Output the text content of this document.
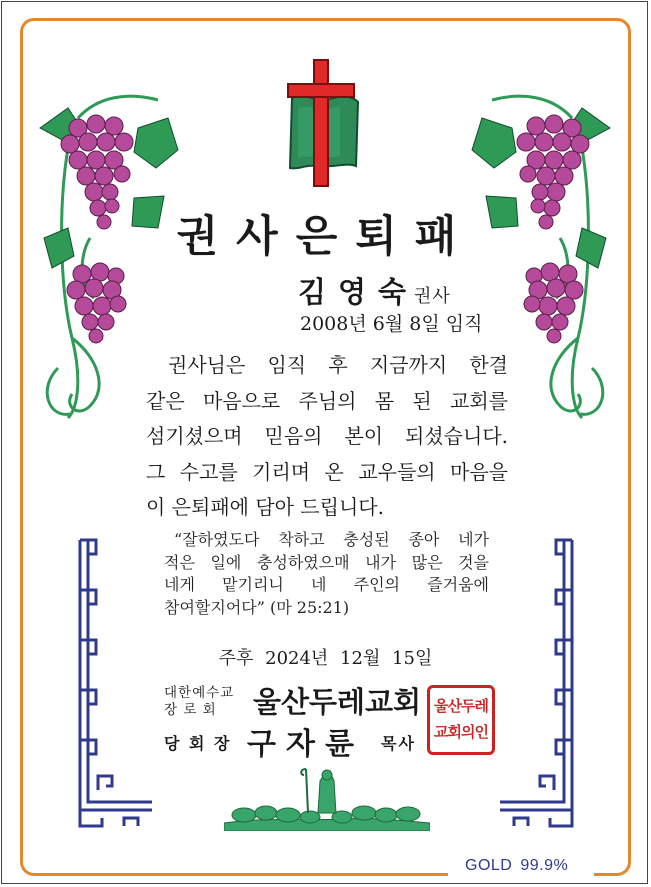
권사은퇴패
김영숙권사
2008년 6월 8일 임직
권사님은 임직 후 지금까지 한결
같은 마음으로 주님의 몸 된 교회를
섬기셨으며 믿음의 본이 되셨습니다.
그 수고를 기리며 온 교우들의 마음을
이 은퇴패에 담아 드립니다.
“잘하였도다 착하고 충성된 종아 네가
적은 일에 충성하였으매 내가 많은 것을
네게 맡기리니 네 주인의 즐거움에
참여할지어다” (마 25:21)
주후 2024년 12월 15일
대한예수교
장 로 회 울산두레교회
당 회 장 구자륜 목사
울산두레
교회의인
GOLD 99.9%
